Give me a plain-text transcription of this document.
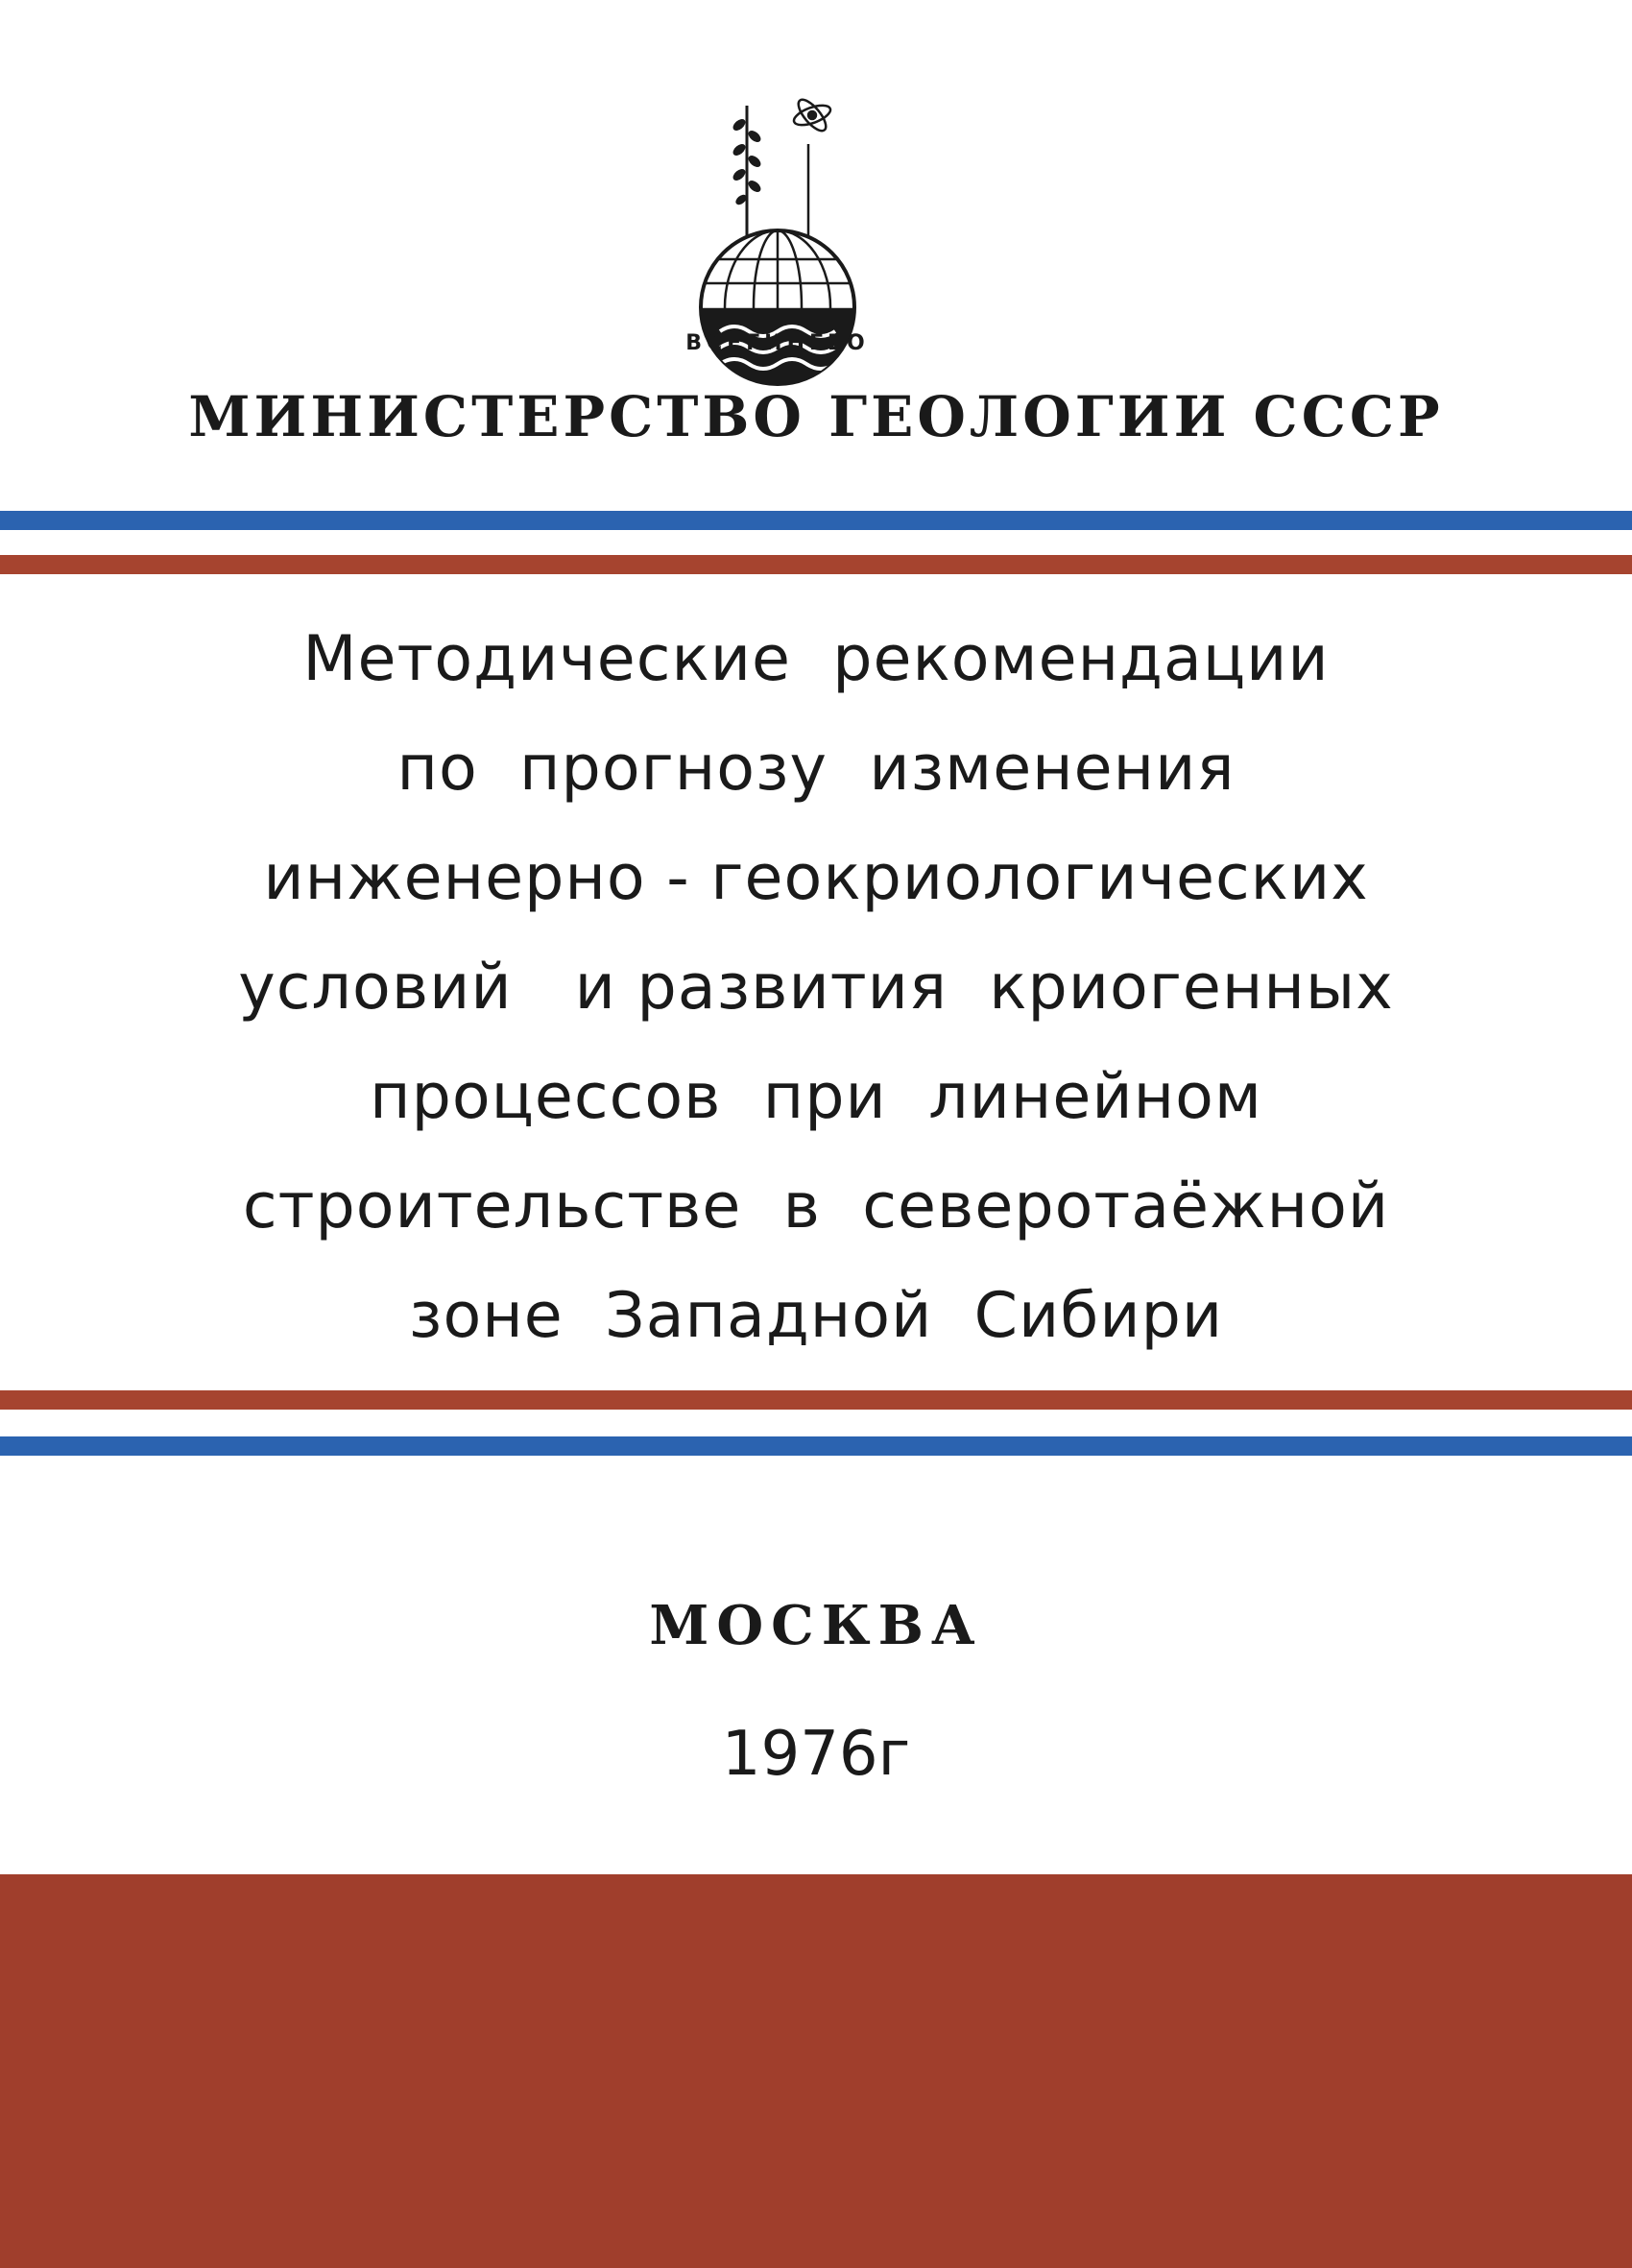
ВСЕГИНГЕО
МИНИСТЕРСТВО ГЕОЛОГИИ СССР
Методические  рекомендации
по  прогнозу  изменения
инженерно - геокриологических
условий   и развития  криогенных
процессов  при  линейном
строительстве  в  северотаёжной
зоне  Западной  Сибири
МОСКВА
1976г
